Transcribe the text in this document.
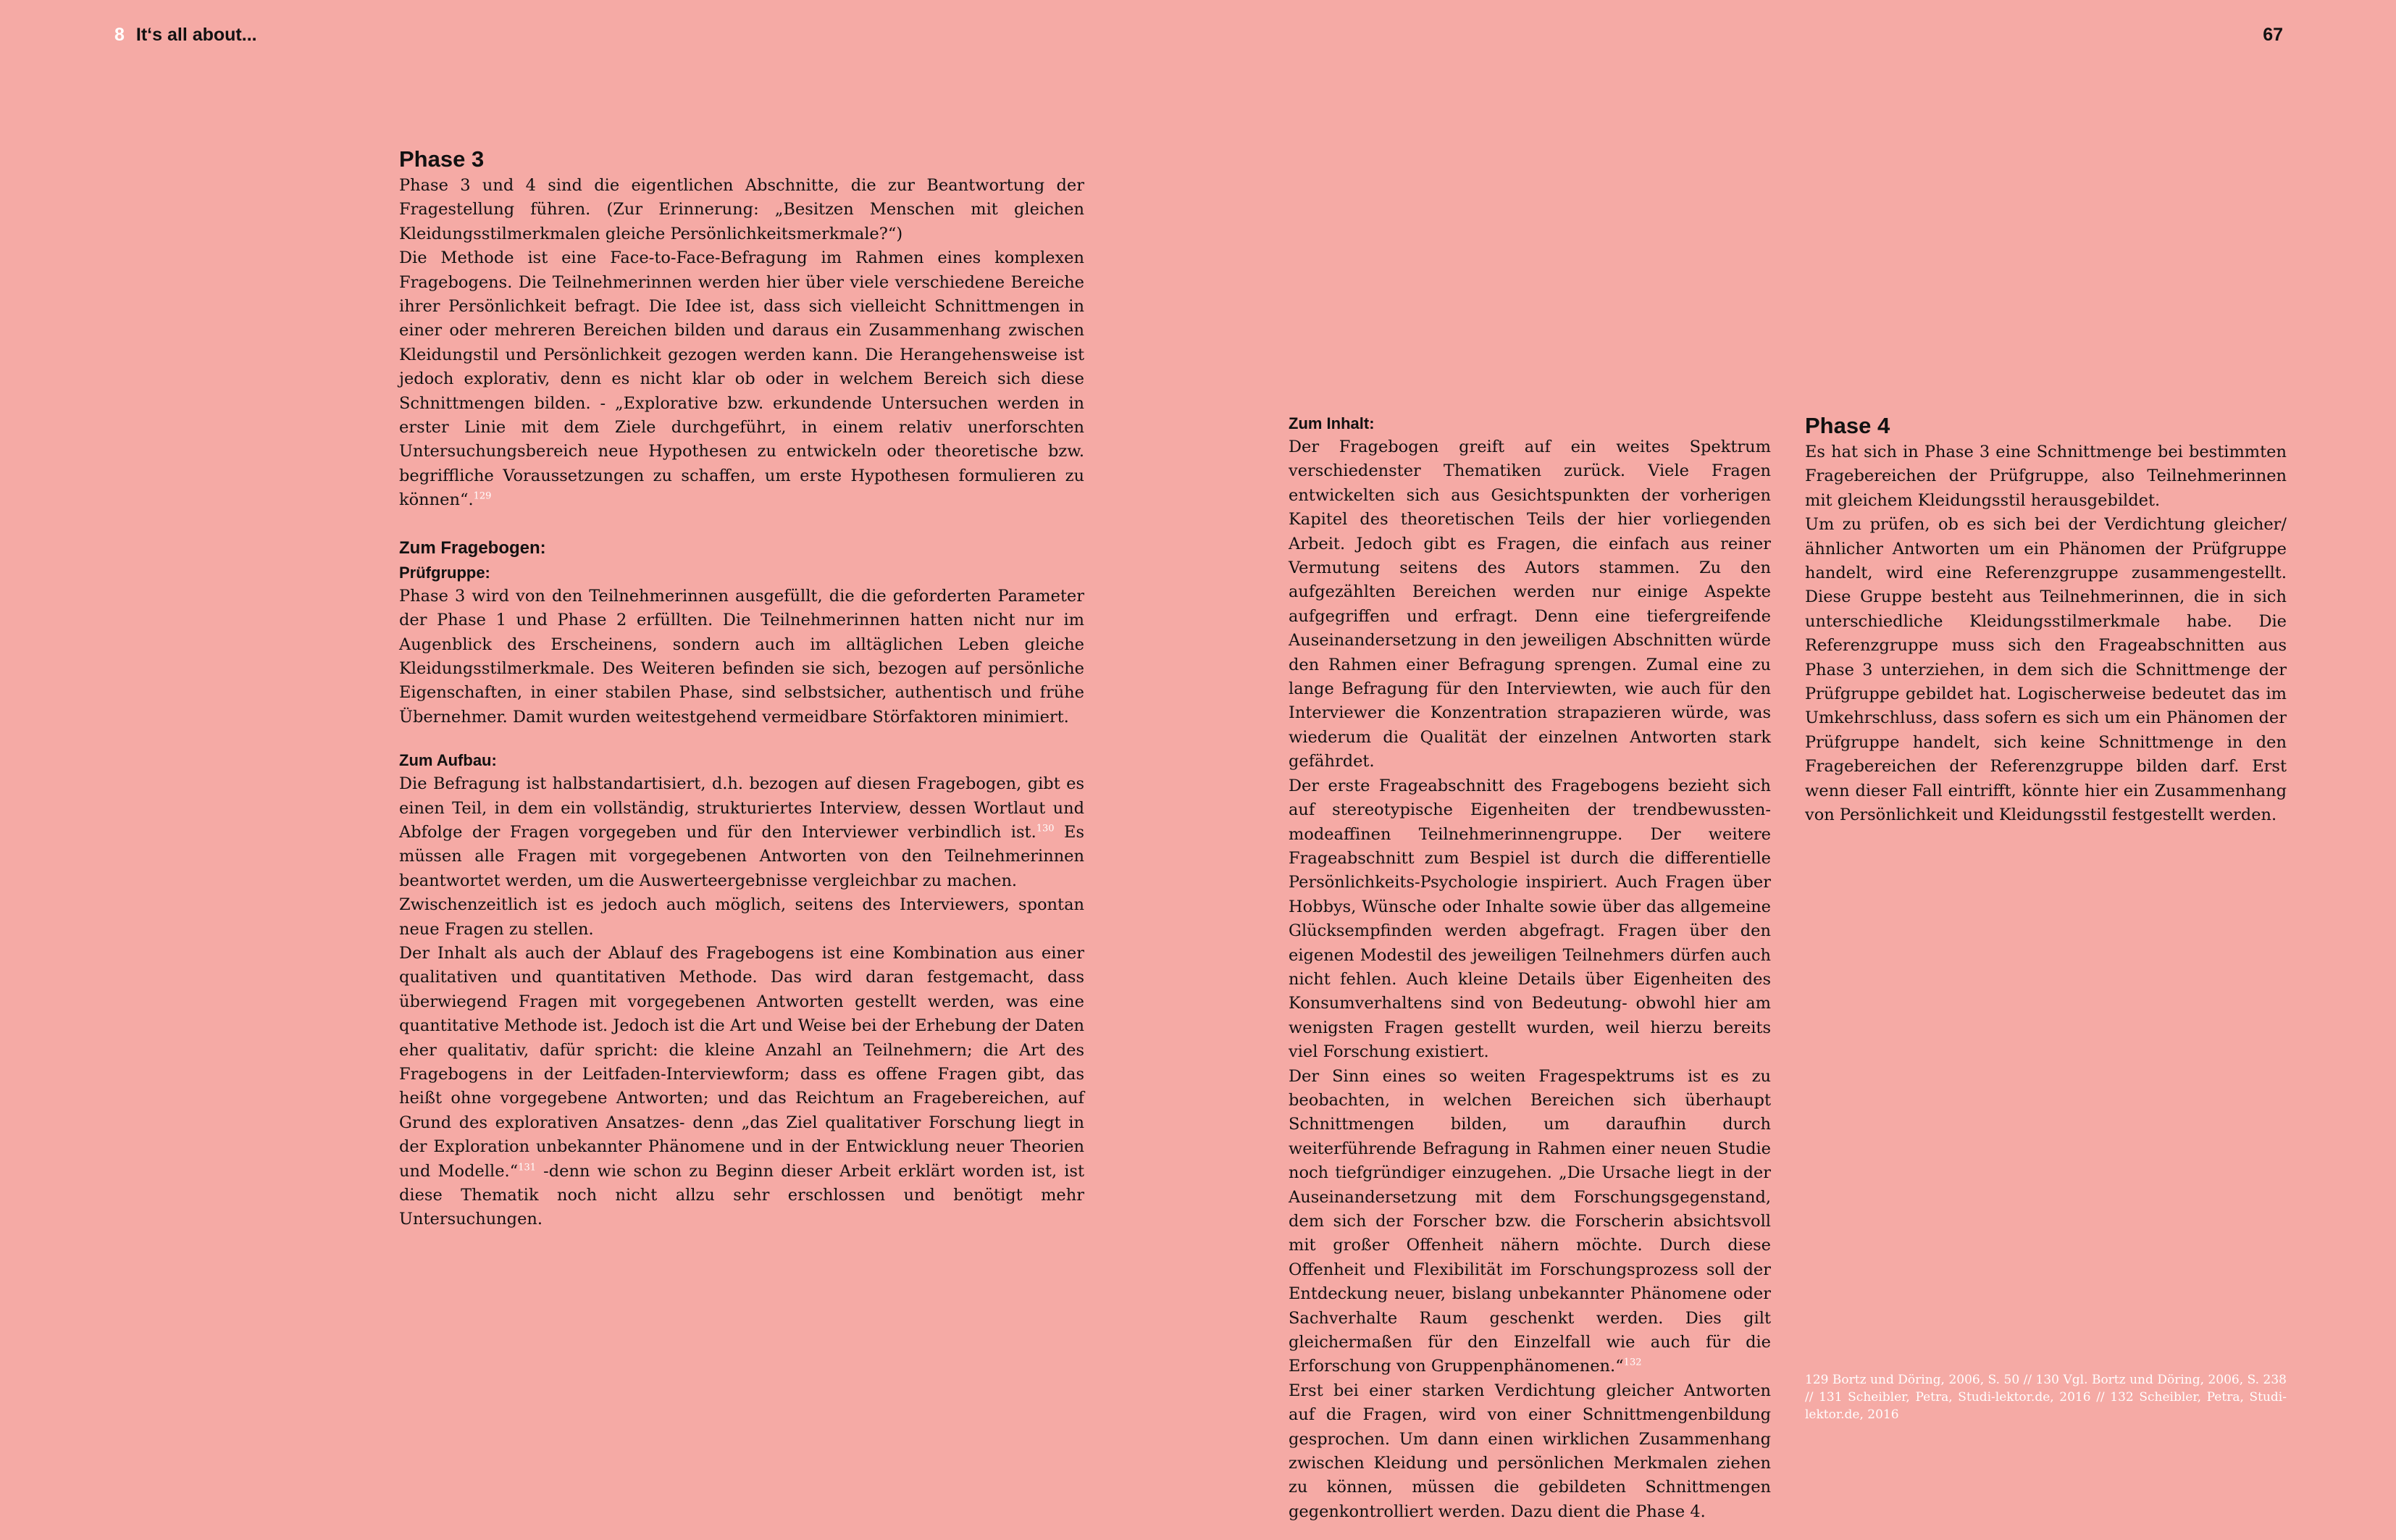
8 It‘s all about...	67
Phase 3

Phase 3 und 4 sind die eigentlichen Abschnitte, die zur Beantwortung der Fragestellung führen. (Zur Erinnerung: „Besitzen Menschen mit gleichen Kleidungsstilmerkmalen gleiche Persönlichkeitsmerkmale?“)

Die Methode ist eine Face-to-Face-Befragung im Rahmen eines komplexen Fragebogens. Die Teilnehmerinnen werden hier über viele verschiedene Bereiche ihrer Persönlichkeit befragt. Die Idee ist, dass sich vielleicht Schnittmengen in einer oder mehreren Bereichen bilden und daraus ein Zusammenhang zwischen Kleidungstil und Persönlichkeit gezogen werden kann. Die Herangehensweise ist jedoch explorativ, denn es nicht klar ob oder in welchem Bereich sich diese Schnittmengen bilden. - „Explorative bzw. erkundende Untersuchen werden in erster Linie mit dem Ziele durchgeführt, in einem relativ unerforschten Untersuchungsbereich neue Hypothesen zu entwickeln oder theoretische bzw. begriffliche Voraussetzungen zu schaffen, um erste Hypothesen formulieren zu können“.$^{129}$

Zum Fragebogen:
Prüfgruppe:

Phase 3 wird von den Teilnehmerinnen ausgefüllt, die die geforderten Parameter der Phase 1 und Phase 2 erfüllten. Die Teilnehmerinnen hatten nicht nur im Augenblick des Erscheinens, sondern auch im alltäglichen Leben gleiche Kleidungsstilmerkmale. Des Weiteren befinden sie sich, bezogen auf persönliche Eigenschaften, in einer stabilen Phase, sind selbstsicher, authentisch und frühe Übernehmer. Damit wurden weitestgehend vermeidbare Störfaktoren minimiert.

Zum Aufbau:

Die Befragung ist halbstandartisiert, d.h. bezogen auf diesen Fragebogen, gibt es einen Teil, in dem ein vollständig, strukturiertes Interview, dessen Wortlaut und Abfolge der Fragen vorgegeben und für den Interviewer verbindlich ist.$^{130}$ Es müssen alle Fragen mit vorgegebenen Antworten von den Teilnehmerinnen beantwortet werden, um die Auswerteergebnisse vergleichbar zu machen.

Zwischenzeitlich ist es jedoch auch möglich, seitens des Interviewers, spontan neue Fragen zu stellen.

Der Inhalt als auch der Ablauf des Fragebogens ist eine Kombination aus einer qualitativen und quantitativen Methode. Das wird daran festgemacht, dass überwiegend Fragen mit vorgegebenen Antworten gestellt werden, was eine quantitative Methode ist. Jedoch ist die Art und Weise bei der Erhebung der Daten eher qualitativ, dafür spricht: die kleine Anzahl an Teilnehmern; die Art des Fragebogens in der Leitfaden-Interviewform; dass es offene Fragen gibt, das heißt ohne vorgegebene Antworten; und das Reichtum an Fragebereichen, auf Grund des explorativen Ansatzes- denn „das Ziel qualitativer Forschung liegt in der Exploration unbekannter Phänomene und in der Entwicklung neuer Theorien und Modelle.“$^{131}$ -denn wie schon zu Beginn dieser Arbeit erklärt worden ist, ist diese Thematik noch nicht allzu sehr erschlossen und benötigt mehr Untersuchungen.

Zum Inhalt:

Der Fragebogen greift auf ein weites Spektrum verschiedenster Thematiken zurück. Viele Fragen entwickelten sich aus Gesichtspunkten der vorherigen Kapitel des theoretischen Teils der hier vorliegenden Arbeit. Jedoch gibt es Fragen, die einfach aus reiner Vermutung seitens des Autors stammen. Zu den aufgezählten Bereichen werden nur einige Aspekte aufgegriffen und erfragt. Denn eine tiefergreifende Auseinandersetzung in den jeweiligen Abschnitten würde den Rahmen einer Befragung sprengen. Zumal eine zu lange Befragung für den Interviewten, wie auch für den Interviewer die Konzentration strapazieren würde, was wiederum die Qualität der einzelnen Antworten stark gefährdet.

Der erste Frageabschnitt des Fragebogens bezieht sich auf stereotypische Eigenheiten der trendbewussten- modeaffinen Teilnehmerinnengruppe. Der weitere Frageabschnitt zum Bespiel ist durch die differentielle Persönlichkeits-Psychologie inspiriert. Auch Fragen über Hobbys, Wünsche oder Inhalte sowie über das allgemeine Glücksempfinden werden abgefragt. Fragen über den eigenen Modestil des jeweiligen Teilnehmers dürfen auch nicht fehlen. Auch kleine Details über Eigenheiten des Konsumverhaltens sind von Bedeutung- obwohl hier am wenigsten Fragen gestellt wurden, weil hierzu bereits viel Forschung existiert.

Der Sinn eines so weiten Fragespektrums ist es zu beobachten, in welchen Bereichen sich überhaupt Schnittmengen bilden, um daraufhin durch weiterführende Befragung in Rahmen einer neuen Studie noch tiefgründiger einzugehen. „Die Ursache liegt in der Auseinandersetzung mit dem Forschungsgegenstand, dem sich der Forscher bzw. die Forscherin absichtsvoll mit großer Offenheit nähern möchte. Durch diese Offenheit und Flexibilität im Forschungsprozess soll der Entdeckung neuer, bislang unbekannter Phänomene oder Sachverhalte Raum geschenkt werden. Dies gilt gleichermaßen für den Einzelfall wie auch für die Erforschung von Gruppenphänomenen.“$^{132}$

Erst bei einer starken Verdichtung gleicher Antworten auf die Fragen, wird von einer Schnittmengenbildung gesprochen. Um dann einen wirklichen Zusammenhang zwischen Kleidung und persönlichen Merkmalen ziehen zu können, müssen die gebildeten Schnittmengen gegenkontrolliert werden. Dazu dient die Phase 4.

Phase 4

Es hat sich in Phase 3 eine Schnittmenge bei bestimmten Fragebereichen der Prüfgruppe, also Teilnehmerinnen mit gleichem Kleidungsstil herausgebildet.

Um zu prüfen, ob es sich bei der Verdichtung gleicher/ ähnlicher Antworten um ein Phänomen der Prüfgruppe handelt, wird eine Referenzgruppe zusammengestellt. Diese Gruppe besteht aus Teilnehmerinnen, die in sich unterschiedliche Kleidungsstilmerkmale habe. Die Referenzgruppe muss sich den Frageabschnitten aus Phase 3 unterziehen, in dem sich die Schnittmenge der Prüfgruppe gebildet hat. Logischerweise bedeutet das im Umkehrschluss, dass sofern es sich um ein Phänomen der Prüfgruppe handelt, sich keine Schnittmenge in den Fragebereichen der Referenzgruppe bilden darf. Erst wenn dieser Fall eintrifft, könnte hier ein Zusammenhang von Persönlichkeit und Kleidungsstil festgestellt werden.

129 Bortz und Döring, 2006, S. 50 // 130 Vgl. Bortz und Döring, 2006, S. 238 // 131 Scheibler, Petra, Studi-lektor.de, 2016 // 132 Scheibler, Petra, Studi-lektor.de, 2016
